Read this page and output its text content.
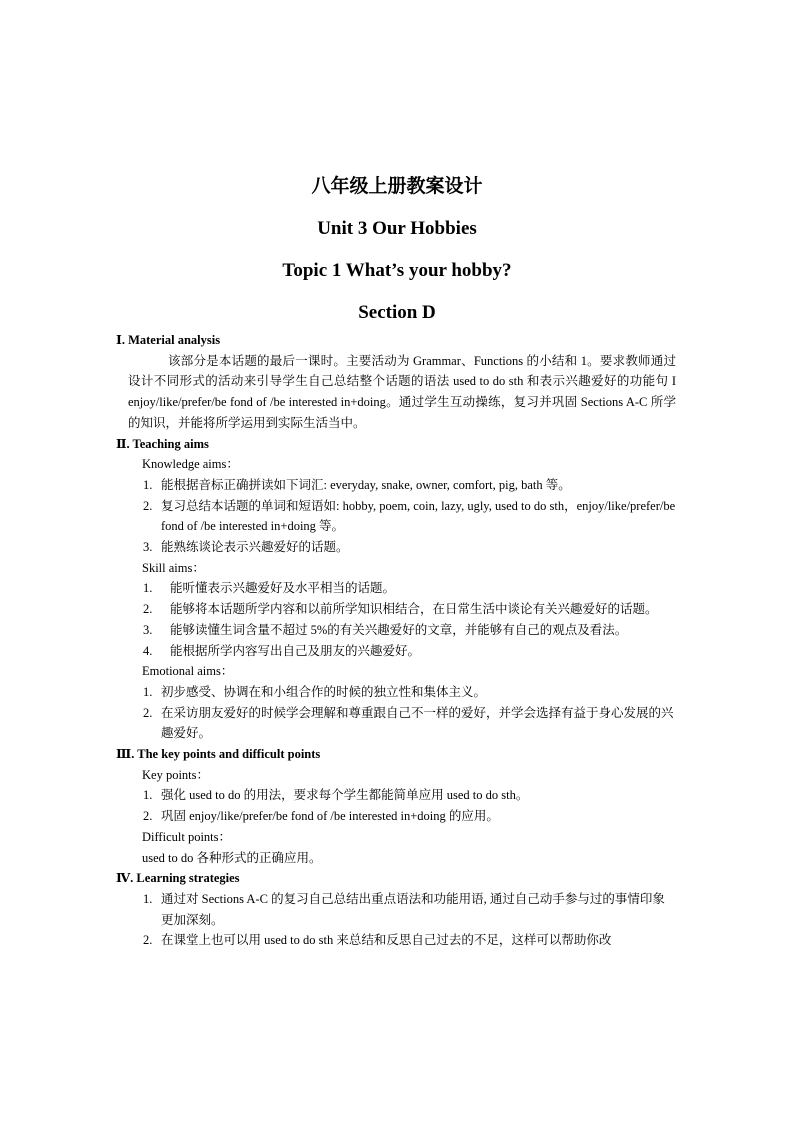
八年级上册教案设计
Unit 3 Our Hobbies
Topic 1 What’s your hobby?
Section D
Ⅰ. Material analysis
该部分是本话题的最后一课时。主要活动为 Grammar、Functions 的小结和 1。要求教师通过设计不同形式的活动来引导学生自己总结整个话题的语法 used to do sth 和表示兴趣爱好的功能句 I enjoy/like/prefer/be fond of /be interested in+doing。通过学生互动操练，复习并巩固 Sections A-C 所学的知识，并能将所学运用到实际生活当中。
Ⅱ. Teaching aims
Knowledge aims：
1. 能根据音标正确拼读如下词汇: everyday, snake, owner, comfort, pig, bath 等。
2. 复习总结本话题的单词和短语如: hobby, poem, coin, lazy, ugly, used to do sth，enjoy/like/prefer/be fond of /be interested in+doing 等。
3. 能熟练谈论表示兴趣爱好的话题。
Skill aims：
1.	能听懂表示兴趣爱好及水平相当的话题。
2.	能够将本话题所学内容和以前所学知识相结合，在日常生活中谈论有关兴趣爱好的话题。
3.	能够读懂生词含量不超过 5%的有关兴趣爱好的文章，并能够有自己的观点及看法。
4.	能根据所学内容写出自己及朋友的兴趣爱好。
Emotional aims：
1. 初步感受、协调在和小组合作的时候的独立性和集体主义。
2. 在采访朋友爱好的时候学会理解和尊重跟自己不一样的爱好，并学会选择有益于身心发展的兴趣爱好。
Ⅲ. The key points and difficult points
Key points：
1. 强化 used to do 的用法，要求每个学生都能简单应用 used to do sth。
2. 巩固 enjoy/like/prefer/be fond of /be interested in+doing 的应用。
Difficult points：
used to do 各种形式的正确应用。
Ⅳ. Learning strategies
1. 通过对 Sections A-C 的复习自己总结出重点语法和功能用语, 通过自己动手参与过的事情印象更加深刻。
2. 在课堂上也可以用 used to do sth 来总结和反思自己过去的不足，这样可以帮助你改
